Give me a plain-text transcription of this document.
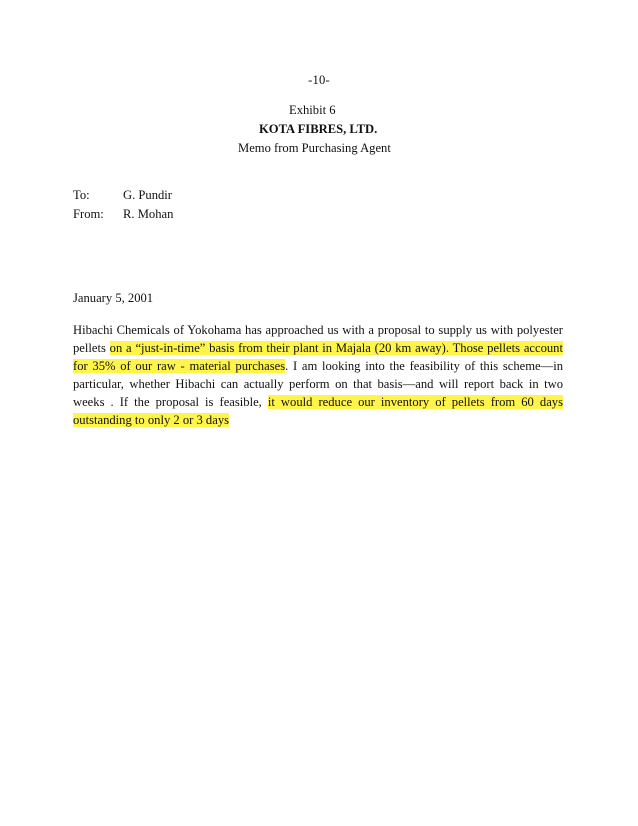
-10-
Exhibit 6
KOTA FIBRES, LTD.
Memo from Purchasing Agent
To:	G. Pundir
From:	R. Mohan
January 5, 2001
Hibachi Chemicals of Yokohama has approached us with a proposal to supply us with polyester
pellets on a “just-in-time” basis from their plant in Majala (20 km away). Those pellets account
for 35% of our raw - material purchases. I am looking into the feasibility of this scheme—in
particular, whether Hibachi can actually perform on that basis—and will report back in two
weeks . If the proposal is feasible, it would reduce our inventory of pellets from 60 days
outstanding to only 2 or 3 days
